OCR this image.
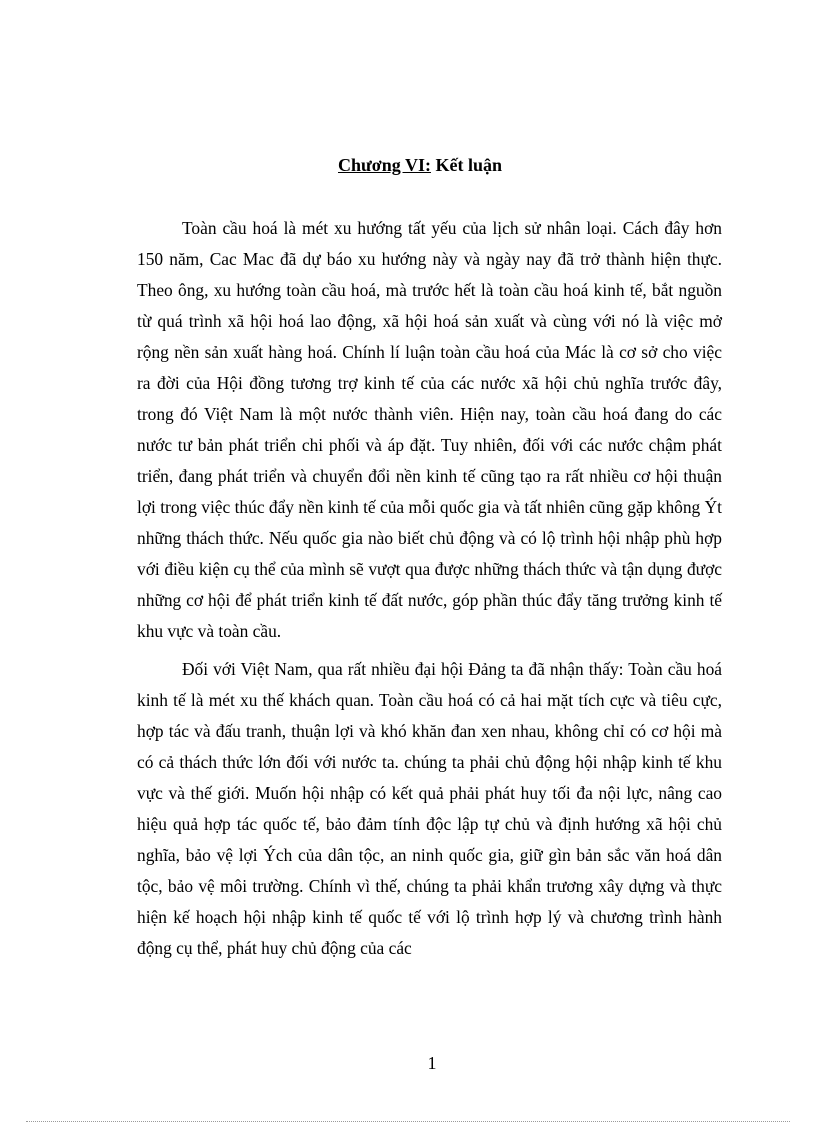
Chương VI: Kết luận

Toàn cầu hoá là mét xu hướng tất yếu của lịch sử nhân loại. Cách đây hơn 150 năm, Cac Mac đã dự báo xu hướng này và ngày nay đã trở thành hiện thực. Theo ông, xu hướng toàn cầu hoá, mà trước hết là toàn cầu hoá kinh tế, bắt nguồn từ quá trình xã hội hoá lao động, xã hội hoá sản xuất và cùng với nó là việc mở rộng nền sản xuất hàng hoá. Chính lí luận toàn cầu hoá của Mác là cơ sở cho việc ra đời của Hội đồng tương trợ kinh tế của các nước xã hội chủ nghĩa trước đây, trong đó Việt Nam là một nước thành viên. Hiện nay, toàn cầu hoá đang do các nước tư bản phát triển chi phối và áp đặt. Tuy nhiên, đối với các nước chậm phát triển, đang phát triển và chuyển đổi nền kinh tế cũng tạo ra rất nhiều cơ hội thuận lợi trong việc thúc đẩy nền kinh tế của mỗi quốc gia và tất nhiên cũng gặp không Ýt những thách thức. Nếu quốc gia nào biết chủ động và có lộ trình hội nhập phù hợp với điều kiện cụ thể của mình sẽ vượt qua được những thách thức và tận dụng được những cơ hội để phát triển kinh tế đất nước, góp phần thúc đẩy tăng trưởng kinh tế khu vực và toàn cầu.

Đối với Việt Nam, qua rất nhiều đại hội Đảng ta đã nhận thấy: Toàn cầu hoá kinh tế là mét xu thế khách quan. Toàn cầu hoá có cả hai mặt tích cực và tiêu cực, hợp tác và đấu tranh, thuận lợi và khó khăn đan xen nhau, không chỉ có cơ hội mà có cả thách thức lớn đối với nước ta. chúng ta phải chủ động hội nhập kinh tế khu vực và thế giới. Muốn hội nhập có kết quả phải phát huy tối đa nội lực, nâng cao hiệu quả hợp tác quốc tế, bảo đảm tính độc lập tự chủ và định hướng xã hội chủ nghĩa, bảo vệ lợi Ých của dân tộc, an ninh quốc gia, giữ gìn bản sắc văn hoá dân tộc, bảo vệ môi trường. Chính vì thế, chúng ta phải khẩn trương xây dựng và thực hiện kế hoạch hội nhập kinh tế quốc tế với lộ trình hợp lý và chương trình hành động cụ thể, phát huy chủ động của các

1
